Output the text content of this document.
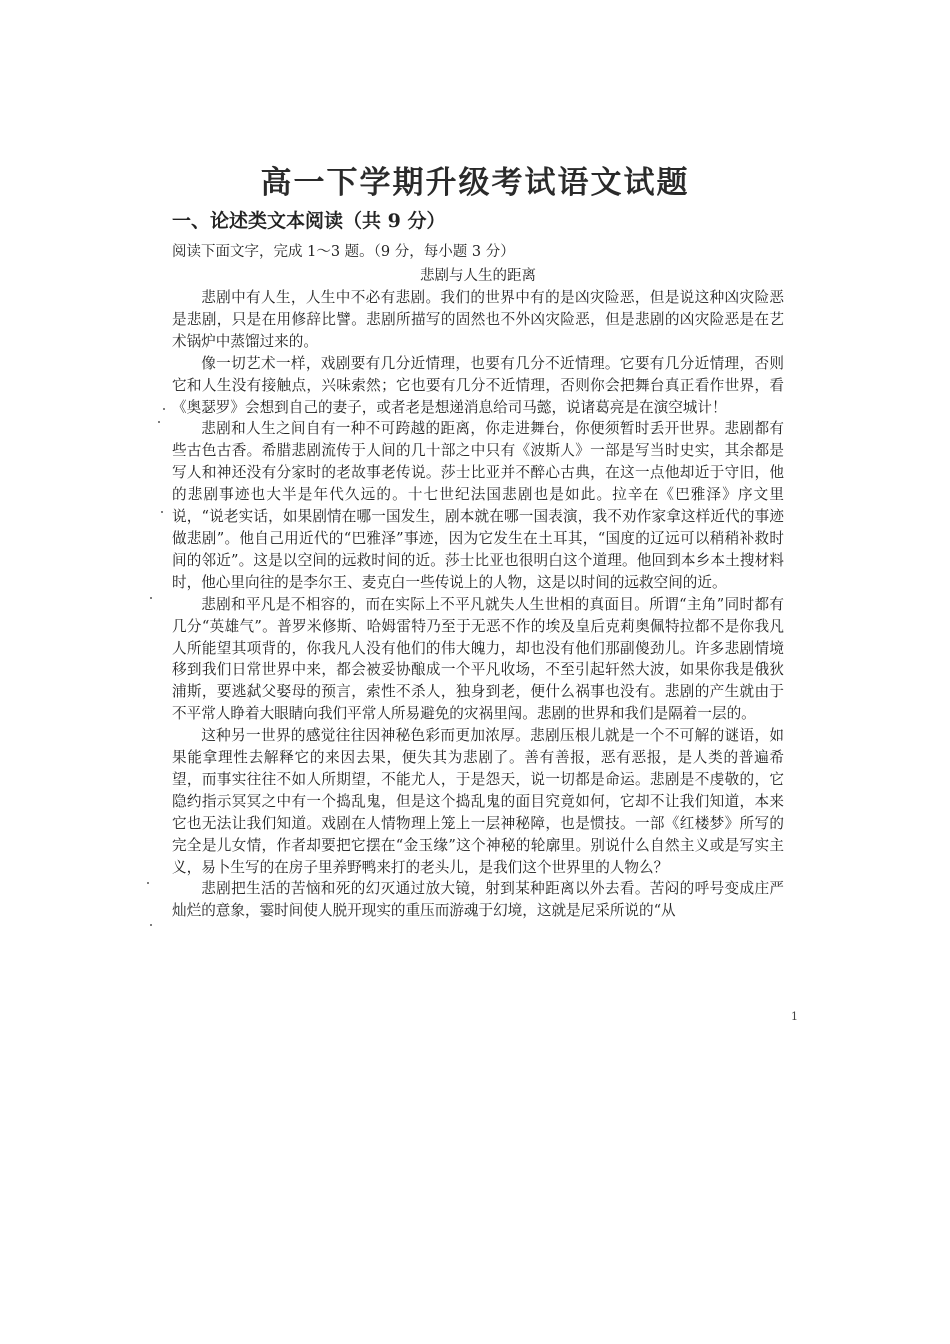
高一下学期升级考试语文试题
一、论述类文本阅读（共 9 分）
阅读下面文字，完成 1～3 题。（9 分，每小题 3 分）
悲剧与人生的距离

悲剧中有人生，人生中不必有悲剧。我们的世界中有的是凶灾险恶，但是说这种凶灾险恶是悲剧，只是在用修辞比譬。悲剧所描写的固然也不外凶灾险恶，但是悲剧的凶灾险恶是在艺术锅炉中蒸馏过来的。

像一切艺术一样，戏剧要有几分近情理，也要有几分不近情理。它要有几分近情理，否则它和人生没有接触点，兴味索然；它也要有几分不近情理，否则你会把舞台真正看作世界，看《奥瑟罗》会想到自己的妻子，或者老是想递消息给司马懿，说诸葛亮是在演空城计！

悲剧和人生之间自有一种不可跨越的距离，你走进舞台，你便须暂时丢开世界。悲剧都有些古色古香。希腊悲剧流传于人间的几十部之中只有《波斯人》一部是写当时史实，其余都是写人和神还没有分家时的老故事老传说。莎士比亚并不醉心古典，在这一点他却近于守旧，他的悲剧事迹也大半是年代久远的。十七世纪法国悲剧也是如此。拉辛在《巴雅泽》序文里说，“说老实话，如果剧情在哪一国发生，剧本就在哪一国表演，我不劝作家拿这样近代的事迹做悲剧”。他自己用近代的“巴雅泽”事迹，因为它发生在土耳其，“国度的辽远可以稍稍补救时间的邻近”。这是以空间的远救时间的近。莎士比亚也很明白这个道理。他回到本乡本土搜材料时，他心里向往的是李尔王、麦克白一些传说上的人物，这是以时间的远救空间的近。

悲剧和平凡是不相容的，而在实际上不平凡就失人生世相的真面目。所谓“主角”同时都有几分“英雄气”。普罗米修斯、哈姆雷特乃至于无恶不作的埃及皇后克莉奥佩特拉都不是你我凡人所能望其项背的，你我凡人没有他们的伟大魄力，却也没有他们那副傻劲儿。许多悲剧情境移到我们日常世界中来，都会被妥协酿成一个平凡收场，不至引起轩然大波，如果你我是俄狄浦斯，要逃弑父娶母的预言，索性不杀人，独身到老，便什么祸事也没有。悲剧的产生就由于不平常人睁着大眼睛向我们平常人所易避免的灾祸里闯。悲剧的世界和我们是隔着一层的。

这种另一世界的感觉往往因神秘色彩而更加浓厚。悲剧压根儿就是一个不可解的谜语，如果能拿理性去解释它的来因去果，便失其为悲剧了。善有善报，恶有恶报，是人类的普遍希望，而事实往往不如人所期望，不能尤人，于是怨天，说一切都是命运。悲剧是不虔敬的，它隐约指示冥冥之中有一个捣乱鬼，但是这个捣乱鬼的面目究竟如何，它却不让我们知道，本来它也无法让我们知道。戏剧在人情物理上笼上一层神秘障，也是惯技。一部《红楼梦》所写的完全是儿女情，作者却要把它摆在“金玉缘”这个神秘的轮廓里。别说什么自然主义或是写实主义，易卜生写的在房子里养野鸭来打的老头儿，是我们这个世界里的人物么？

悲剧把生活的苦恼和死的幻灭通过放大镜，射到某种距离以外去看。苦闷的呼号变成庄严灿烂的意象，霎时间使人脱开现实的重压而游魂于幻境，这就是尼采所说的“从

1
